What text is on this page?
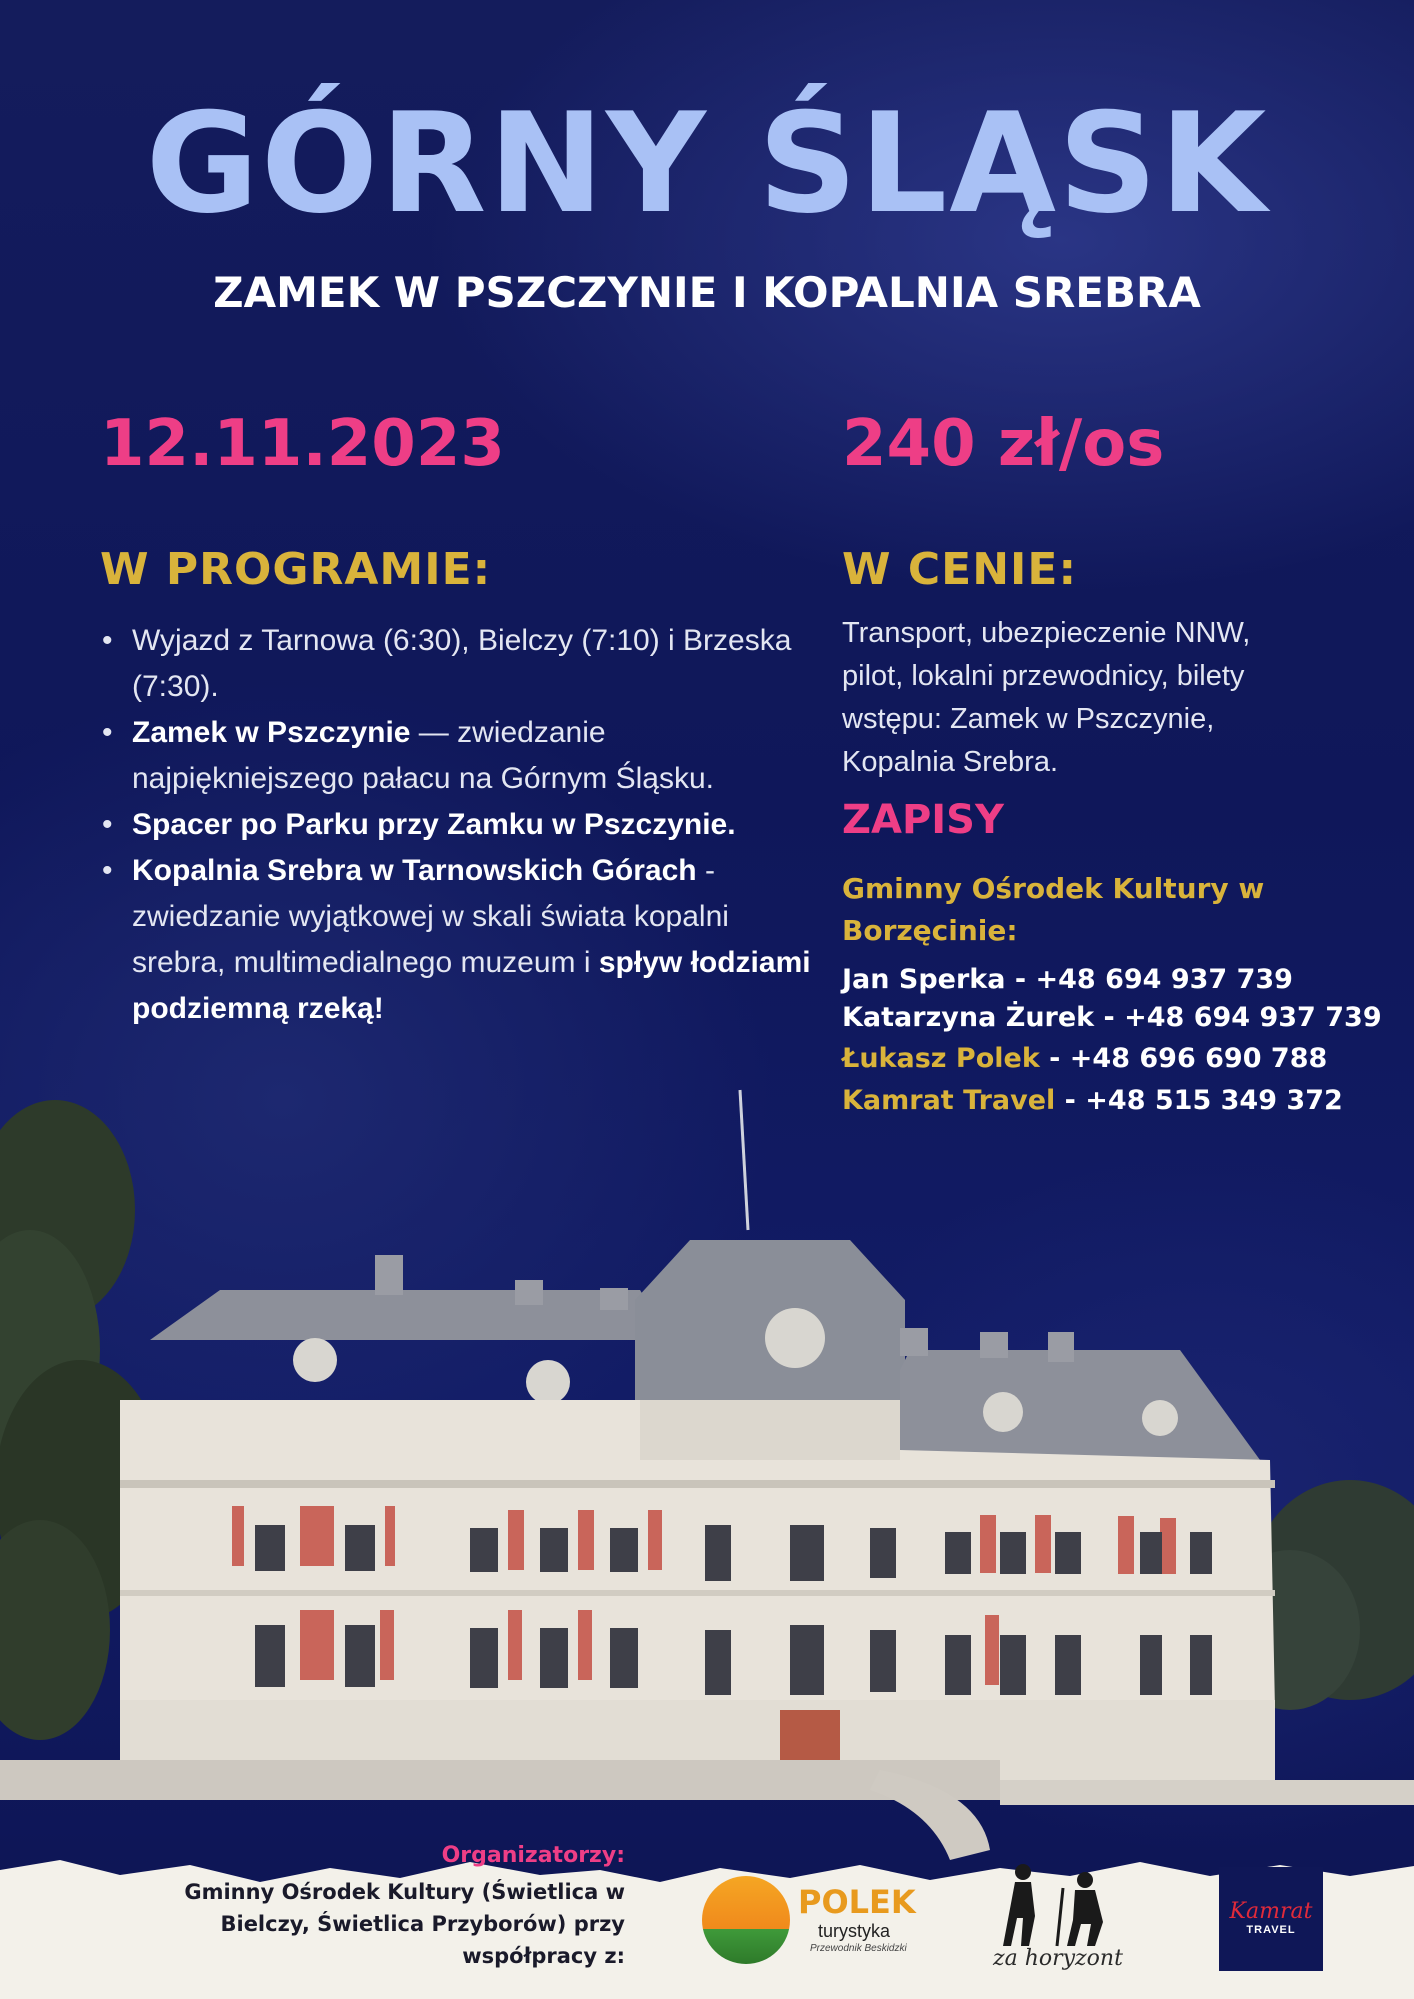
GÓRNY ŚLĄSK
ZAMEK W PSZCZYNIE I KOPALNIA SREBRA
12.11.2023	240 zł/os
W PROGRAMIE:	W CENIE:
• Wyjazd z Tarnowa (6:30), Bielczy (7:10) i Brzeska (7:30).
• Zamek w Pszczynie — zwiedzanie najpiękniejszego pałacu na Górnym Śląsku.
• Spacer po Parku przy Zamku w Pszczynie.
• Kopalnia Srebra w Tarnowskich Górach - zwiedzanie wyjątkowej w skali świata kopalni srebra, multimedialnego muzeum i spływ łodziami podziemną rzeką!
Transport, ubezpieczenie NNW, pilot, lokalni przewodnicy, bilety wstępu: Zamek w Pszczynie, Kopalnia Srebra.
ZAPISY
Gminny Ośrodek Kultury w Borzęcinie:
Jan Sperka - +48 694 937 739
Katarzyna Żurek - +48 694 937 739
Łukasz Polek - +48 696 690 788
Kamrat Travel - +48 515 349 372
Organizatorzy:
Gminny Ośrodek Kultury (Świetlica w Bielczy, Świetlica Przyborów) przy współpracy z:
POLEK
turystyka
Przewodnik Beskidzki	za horyzont
Kamrat
TRAVEL
